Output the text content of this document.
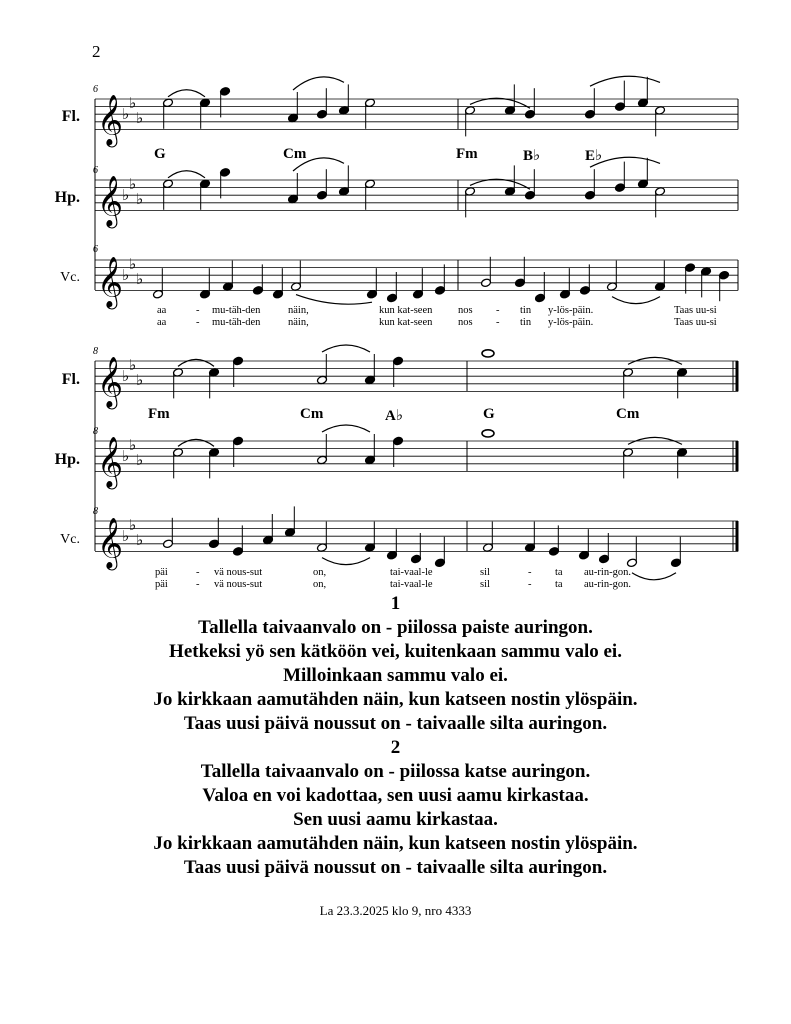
𝄞
♭
♭
♭
𝄞
♭
♭
♭
𝄞
♭
♭
♭
𝄞
♭
♭
♭
𝄞
♭
♭
♭
𝄞
♭
♭
♭
2
Fl.
Hp.
Vc.
Fl.
Hp.
Vc.
6
6
6
8
8
8
G	Cm	Fm	B♭	E♭
Fm	Cm	A♭	G	Cm
aa	- mu-täh-den	näin,	kun kat-seen nos - tin y-lös-päin.	Taas uu-si
aa	- mu-täh-den	näin,	kun kat-seen nos - tin y-lös-päin.	Taas uu-si
päi	- vä nous-sut	on,	tai-vaal-le	sil	- ta au-rin-gon.
päi	- vä nous-sut	on,	tai-vaal-le	sil	- ta au-rin-gon.
1
Tallella taivaanvalo on - piilossa paiste auringon.
Hetkeksi yö sen kätköön vei, kuitenkaan sammu valo ei.
Milloinkaan sammu valo ei.
Jo kirkkaan aamutähden näin, kun katseen nostin ylöspäin.
Taas uusi päivä noussut on - taivaalle silta auringon.
2
Tallella taivaanvalo on - piilossa katse auringon.
Valoa en voi kadottaa, sen uusi aamu kirkastaa.
Sen uusi aamu kirkastaa.
Jo kirkkaan aamutähden näin, kun katseen nostin ylöspäin.
Taas uusi päivä noussut on - taivaalle silta auringon.
La 23.3.2025 klo 9, nro 4333
